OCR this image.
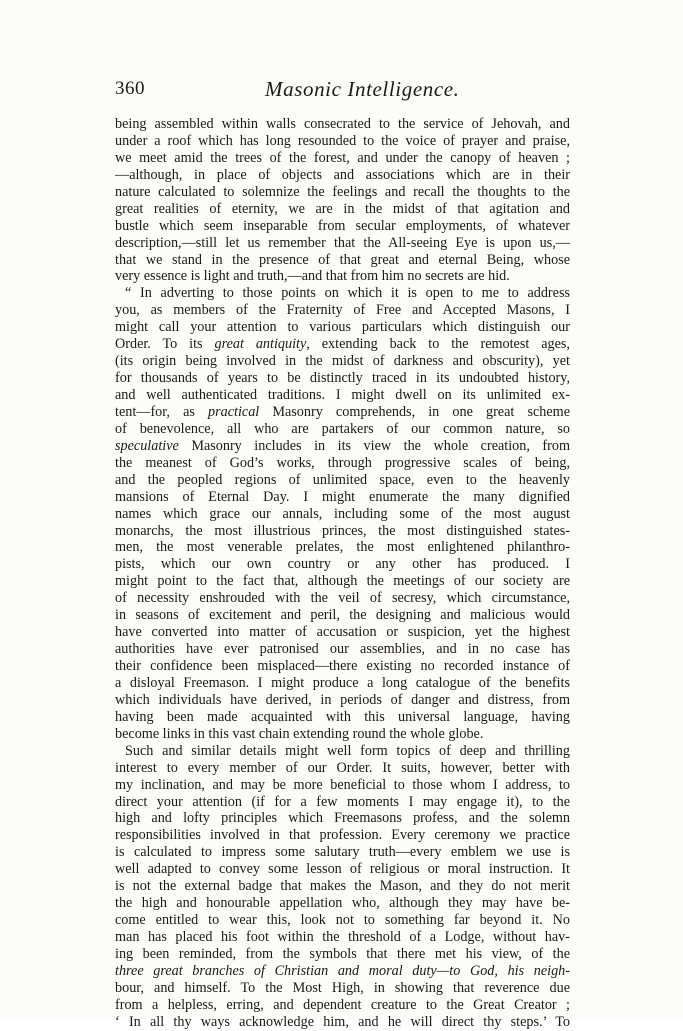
360	Masonic Intelligence.
being assembled within walls consecrated to the service of Jehovah, and
under a roof which has long resounded to the voice of prayer and praise,
we meet amid the trees of the forest, and under the canopy of heaven ;
—although, in place of objects and associations which are in their
nature calculated to solemnize the feelings and recall the thoughts to the
great realities of eternity, we are in the midst of that agitation and
bustle which seem inseparable from secular employments, of whatever
description,—still let us remember that the All-seeing Eye is upon us,—
that we stand in the presence of that great and eternal Being, whose
very essence is light and truth,—and that from him no secrets are hid.
“ In adverting to those points on which it is open to me to address
you, as members of the Fraternity of Free and Accepted Masons, I
might call your attention to various particulars which distinguish our
Order. To its great antiquity, extending back to the remotest ages,
(its origin being involved in the midst of darkness and obscurity), yet
for thousands of years to be distinctly traced in its undoubted history,
and well authenticated traditions. I might dwell on its unlimited ex-
tent—for, as practical Masonry comprehends, in one great scheme
of benevolence, all who are partakers of our common nature, so
speculative Masonry includes in its view the whole creation, from
the meanest of God’s works, through progressive scales of being,
and the peopled regions of unlimited space, even to the heavenly
mansions of Eternal Day. I might enumerate the many dignified
names which grace our annals, including some of the most august
monarchs, the most illustrious princes, the most distinguished states-
men, the most venerable prelates, the most enlightened philanthro-
pists, which our own country or any other has produced. I
might point to the fact that, although the meetings of our society are
of necessity enshrouded with the veil of secresy, which circumstance,
in seasons of excitement and peril, the designing and malicious would
have converted into matter of accusation or suspicion, yet the highest
authorities have ever patronised our assemblies, and in no case has
their confidence been misplaced—there existing no recorded instance of
a disloyal Freemason. I might produce a long catalogue of the benefits
which individuals have derived, in periods of danger and distress, from
having been made acquainted with this universal language, having
become links in this vast chain extending round the whole globe.
Such and similar details might well form topics of deep and thrilling
interest to every member of our Order. It suits, however, better with
my inclination, and may be more beneficial to those whom I address, to
direct your attention (if for a few moments I may engage it), to the
high and lofty principles which Freemasons profess, and the solemn
responsibilities involved in that profession. Every ceremony we practice
is calculated to impress some salutary truth—every emblem we use is
well adapted to convey some lesson of religious or moral instruction. It
is not the external badge that makes the Mason, and they do not merit
the high and honourable appellation who, although they may have be-
come entitled to wear this, look not to something far beyond it. No
man has placed his foot within the threshold of a Lodge, without hav-
ing been reminded, from the symbols that there met his view, of the
three great branches of Christian and moral duty—to God, his neigh-
bour, and himself. To the Most High, in showing that reverence due
from a helpless, erring, and dependent creature to the Great Creator ;
‘ In all thy ways acknowledge him, and he will direct thy steps.’ To
